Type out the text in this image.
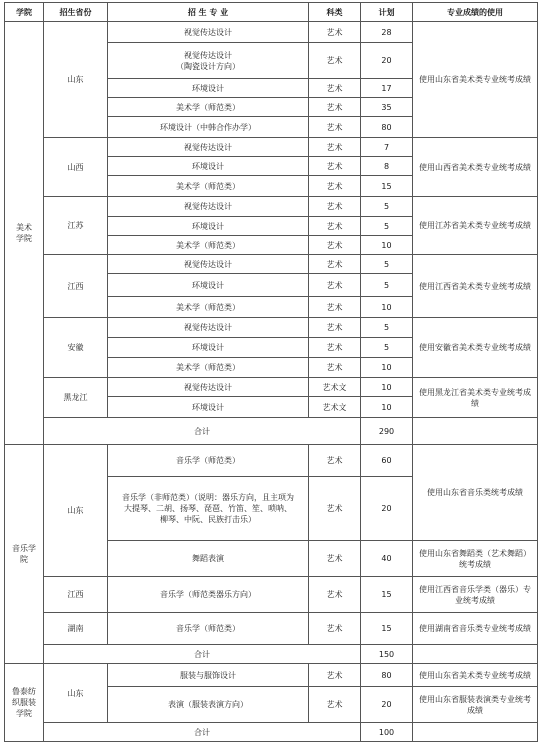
学院	招生省份	招 生 专 业	科类	计划	专业成绩的使用
美术
学院	山东	视觉传达设计	艺术	28	使用山东省美术类专业统考成绩
		视觉传达设计
（陶瓷设计方向）	艺术	20	
		环境设计	艺术	17	
		美术学（师范类）	艺术	35	
		环境设计（中韩合作办学）	艺术	80	
	山西	视觉传达设计	艺术	7	使用山西省美术类专业统考成绩
		环境设计	艺术	8	
		美术学（师范类）	艺术	15	
	江苏	视觉传达设计	艺术	5	使用江苏省美术类专业统考成绩
		环境设计	艺术	5	
		美术学（师范类）	艺术	10	
	江西	视觉传达设计	艺术	5	使用江西省美术类专业统考成绩
		环境设计	艺术	5	
		美术学（师范类）	艺术	10	
	安徽	视觉传达设计	艺术	5	使用安徽省美术类专业统考成绩
		环境设计	艺术	5	
		美术学（师范类）	艺术	10	
	黑龙江	视觉传达设计	艺术文	10	使用黑龙江省美术类专业统考成
绩
		环境设计	艺术文	10	
	合计			290	
音乐学
院	山东	音乐学（师范类）	艺术	60	使用山东省音乐类统考成绩
		音乐学（非师范类）（说明：器乐方向，且主项为
大提琴、二胡、扬琴、琵琶、竹笛、笙、唢呐、
柳琴、中阮、民族打击乐）	艺术	20	
		舞蹈表演	艺术	40	使用山东省舞蹈类（艺术舞蹈）
统考成绩
	江西	音乐学（师范类器乐方向）	艺术	15	使用江西省音乐学类（器乐）专
业统考成绩
	湖南	音乐学（师范类）	艺术	15	使用湖南省音乐类专业统考成绩
	合计			150	
鲁泰纺
织服装
学院	山东	服装与服饰设计	艺术	80	使用山东省美术类专业统考成绩
		表演（服装表演方向）	艺术	20	使用山东省服装表演类专业统考
成绩
	合计			100	
